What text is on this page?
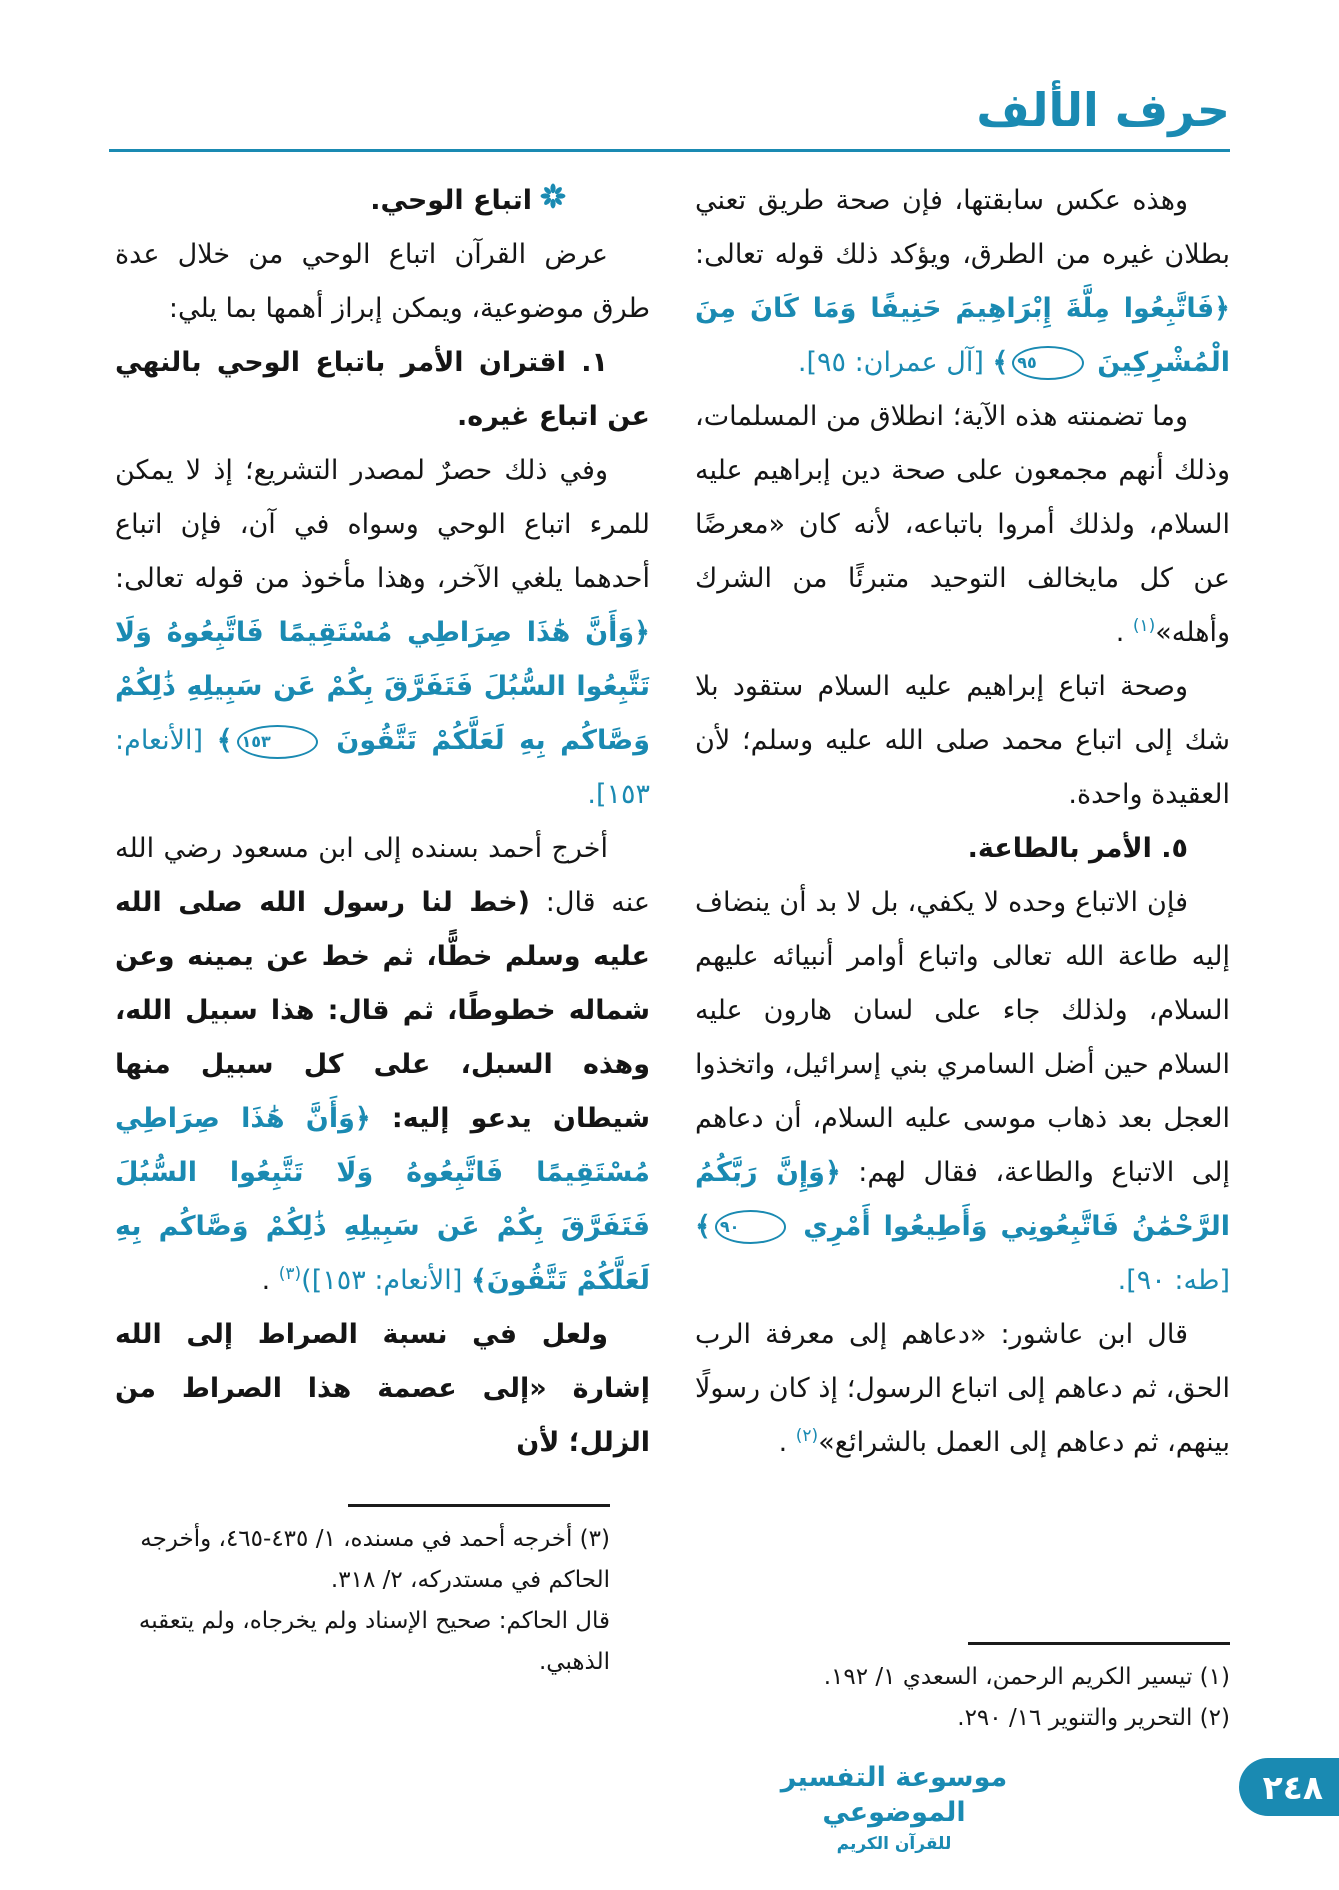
حرف الألف

وهذه عكس سابقتها، فإن صحة طريق تعني بطلان غيره من الطرق، ويؤكد ذلك قوله تعالى: ﴿فَاتَّبِعُوا مِلَّةَ إِبْرَاهِيمَ حَنِيفًا وَمَا كَانَ مِنَ الْمُشْرِكِينَ ٩٥﴾ [آل عمران: ٩٥].

وما تضمنته هذه الآية؛ انطلاق من المسلمات، وذلك أنهم مجمعون على صحة دين إبراهيم عليه السلام، ولذلك أمروا باتباعه، لأنه كان «معرضًا عن كل مايخالف التوحيد متبرئًا من الشرك وأهله»$^{(١)}$ .

وصحة اتباع إبراهيم عليه السلام ستقود بلا شك إلى اتباع محمد صلى الله عليه وسلم؛ لأن العقيدة واحدة.

٥. الأمر بالطاعة.

فإن الاتباع وحده لا يكفي، بل لا بد أن ينضاف إليه طاعة الله تعالى واتباع أوامر أنبيائه عليهم السلام، ولذلك جاء على لسان هارون عليه السلام حين أضل السامري بني إسرائيل، واتخذوا العجل بعد ذهاب موسى عليه السلام، أن دعاهم إلى الاتباع والطاعة، فقال لهم: ﴿وَإِنَّ رَبَّكُمُ الرَّحْمَٰنُ فَاتَّبِعُونِي وَأَطِيعُوا أَمْرِي ٩٠﴾ [طه: ٩٠].

قال ابن عاشور: «دعاهم إلى معرفة الرب الحق، ثم دعاهم إلى اتباع الرسول؛ إذ كان رسولًا بينهم، ثم دعاهم إلى العمل بالشرائع»$^{(٢)}$ .

(١) تيسير الكريم الرحمن، السعدي ١/ ١٩٢.

(٢) التحرير والتنوير ١٦/ ٢٩٠.

اتباع الوحي.

عرض القرآن اتباع الوحي من خلال عدة طرق موضوعية، ويمكن إبراز أهمها بما يلي:

١. اقتران الأمر باتباع الوحي بالنهي عن اتباع غيره.

وفي ذلك حصرٌ لمصدر التشريع؛ إذ لا يمكن للمرء اتباع الوحي وسواه في آن، فإن اتباع أحدهما يلغي الآخر، وهذا مأخوذ من قوله تعالى: ﴿وَأَنَّ هَٰذَا صِرَاطِي مُسْتَقِيمًا فَاتَّبِعُوهُ وَلَا تَتَّبِعُوا السُّبُلَ فَتَفَرَّقَ بِكُمْ عَن سَبِيلِهِ ذَٰلِكُمْ وَصَّاكُم بِهِ لَعَلَّكُمْ تَتَّقُونَ ١٥٣﴾ [الأنعام: ١٥٣].

أخرج أحمد بسنده إلى ابن مسعود رضي الله عنه قال: (خط لنا رسول الله صلى الله عليه وسلم خطًّا، ثم خط عن يمينه وعن شماله خطوطًا، ثم قال: هذا سبيل الله، وهذه السبل، على كل سبيل منها شيطان يدعو إليه: ﴿وَأَنَّ هَٰذَا صِرَاطِي مُسْتَقِيمًا فَاتَّبِعُوهُ وَلَا تَتَّبِعُوا السُّبُلَ فَتَفَرَّقَ بِكُمْ عَن سَبِيلِهِ ذَٰلِكُمْ وَصَّاكُم بِهِ لَعَلَّكُمْ تَتَّقُونَ﴾ [الأنعام: ١٥٣])$^{(٣)}$ .

ولعل في نسبة الصراط إلى الله إشارة «إلى عصمة هذا الصراط من الزلل؛ لأن

(٣) أخرجه أحمد في مسنده، ١/ ٤٣٥-٤٦٥، وأخرجه الحاكم في مستدركه، ٢/ ٣١٨.

قال الحاكم: صحيح الإسناد ولم يخرجاه، ولم يتعقبه الذهبي.

موسوعة التفسير الموضوعي
للقرآن الكريم
٢٤٨
